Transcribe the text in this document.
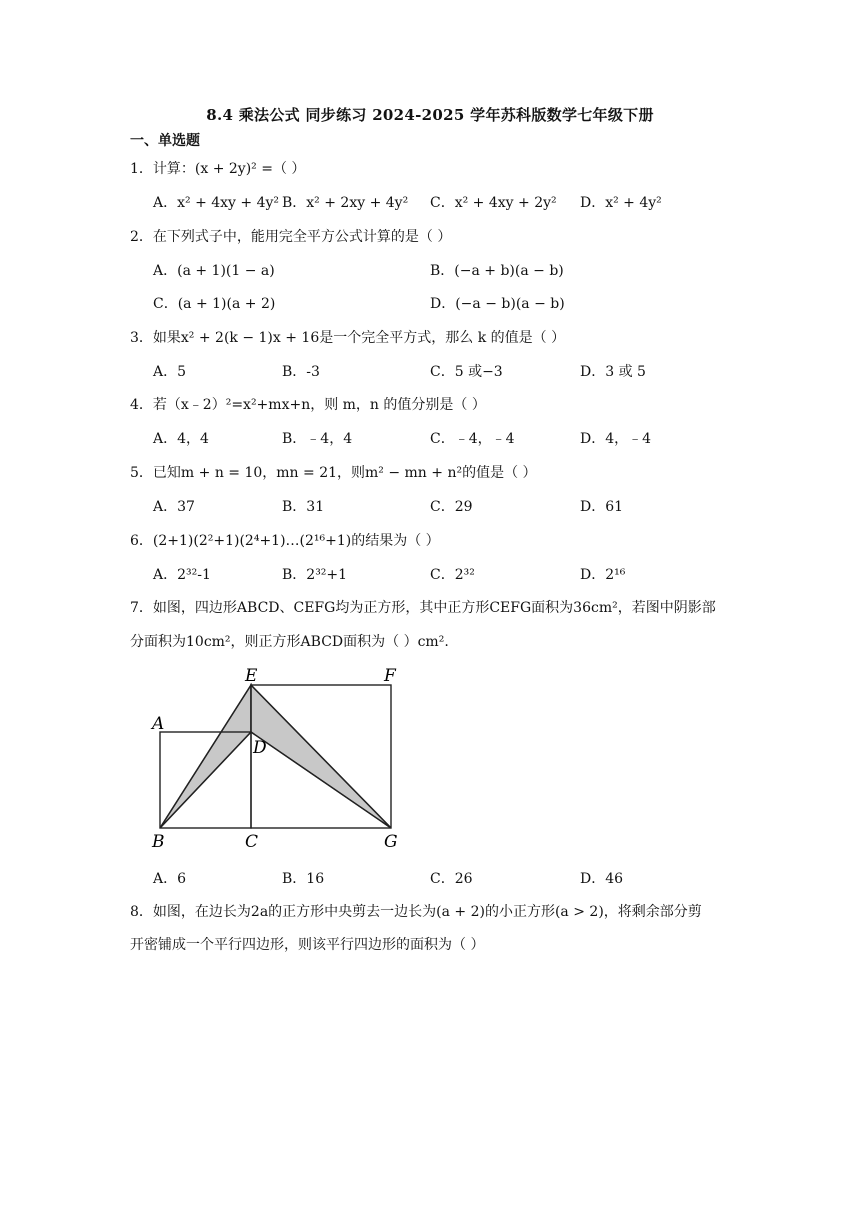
8.4 乘法公式 同步练习 2024-2025 学年苏科版数学七年级下册
一、单选题
1．计算：(x + 2y)² =（ ）
A．x² + 4xy + 4y² B．x² + 2xy + 4y² C．x² + 4xy + 2y² D．x² + 4y²
2．在下列式子中，能用完全平方公式计算的是（ ）
A．(a + 1)(1 − a)	B．(−a + b)(a − b)
C．(a + 1)(a + 2)	D．(−a − b)(a − b)
3．如果x² + 2(k − 1)x + 16是一个完全平方式，那么 k 的值是（ ）
A．5	B．-3	C．5 或−3	D．3 或 5
4．若（x﹣2）²=x²+mx+n，则 m，n 的值分别是（ ）
A．4，4	B．﹣4，4	C．﹣4，﹣4	D．4，﹣4
5．已知m + n = 10，mn = 21，则m² − mn + n²的值是（ ）
A．37	B．31	C．29	D．61
6．(2+1)(2²+1)(2⁴+1)…(2¹⁶+1)的结果为（ ）
A．2³²-1	B．2³²+1	C．2³²	D．2¹⁶
7．如图，四边形ABCD、CEFG均为正方形，其中正方形CEFG面积为36cm²，若图中阴影部
分面积为10cm²，则正方形ABCD面积为（ ）cm².
E	F
A
D
B	C	G
A．6	B．16	C．26	D．46
8．如图，在边长为2a的正方形中央剪去一边长为(a + 2)的小正方形(a > 2)，将剩余部分剪
开密铺成一个平行四边形，则该平行四边形的面积为（ ）
